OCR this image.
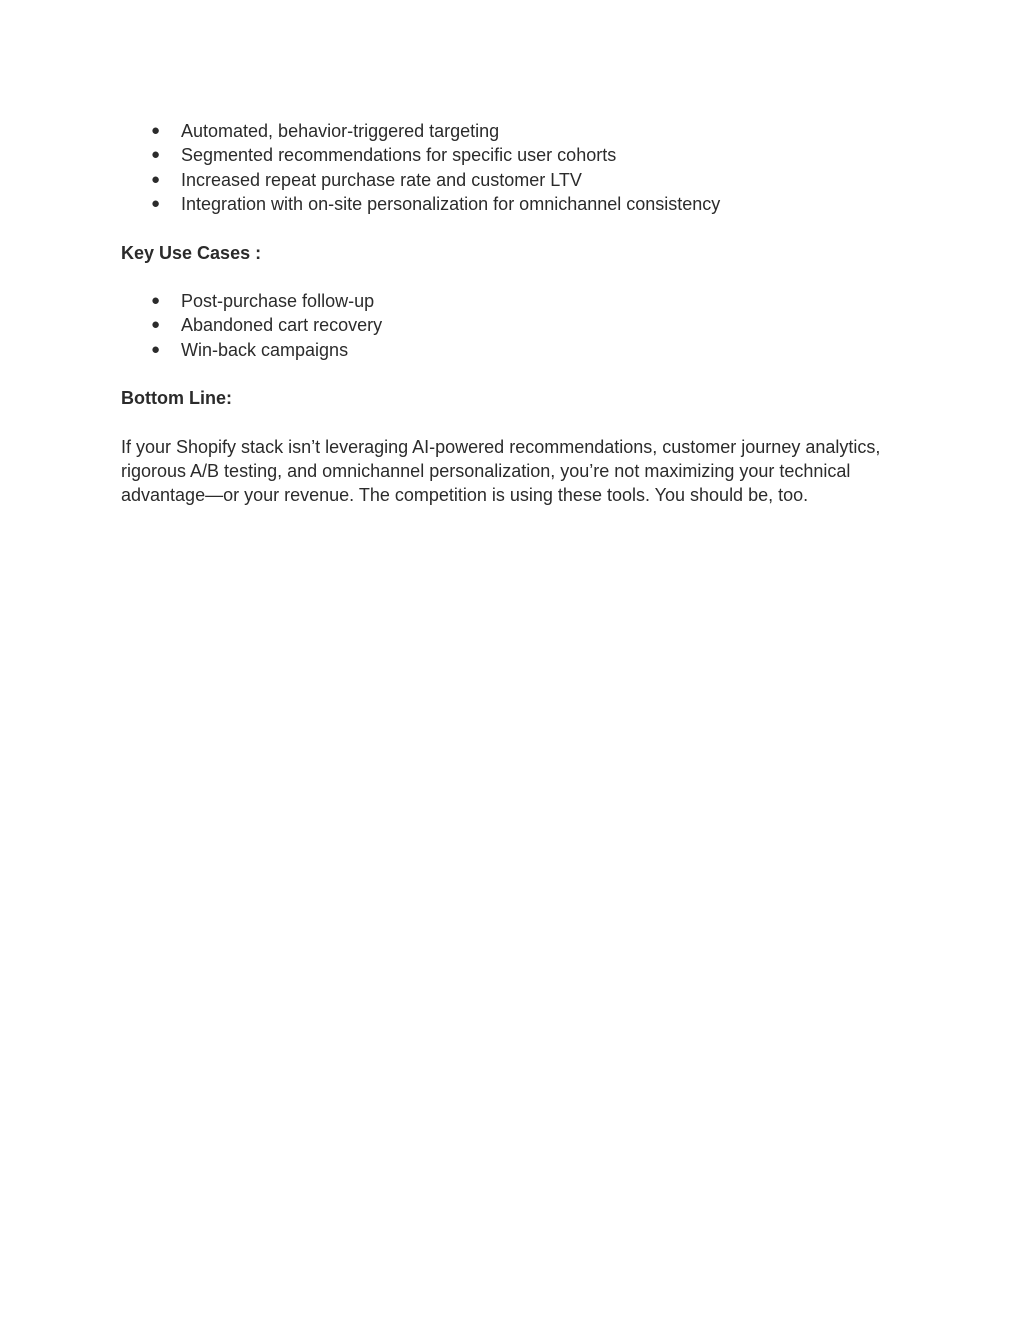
● Automated, behavior-triggered targeting
● Segmented recommendations for specific user cohorts
● Increased repeat purchase rate and customer LTV
● Integration with on-site personalization for omnichannel consistency

Key Use Cases :

● Post-purchase follow-up
● Abandoned cart recovery
● Win-back campaigns

Bottom Line:

If your Shopify stack isn’t leveraging AI-powered recommendations, customer journey analytics,
rigorous A/B testing, and omnichannel personalization, you’re not maximizing your technical
advantage—or your revenue. The competition is using these tools. You should be, too.
